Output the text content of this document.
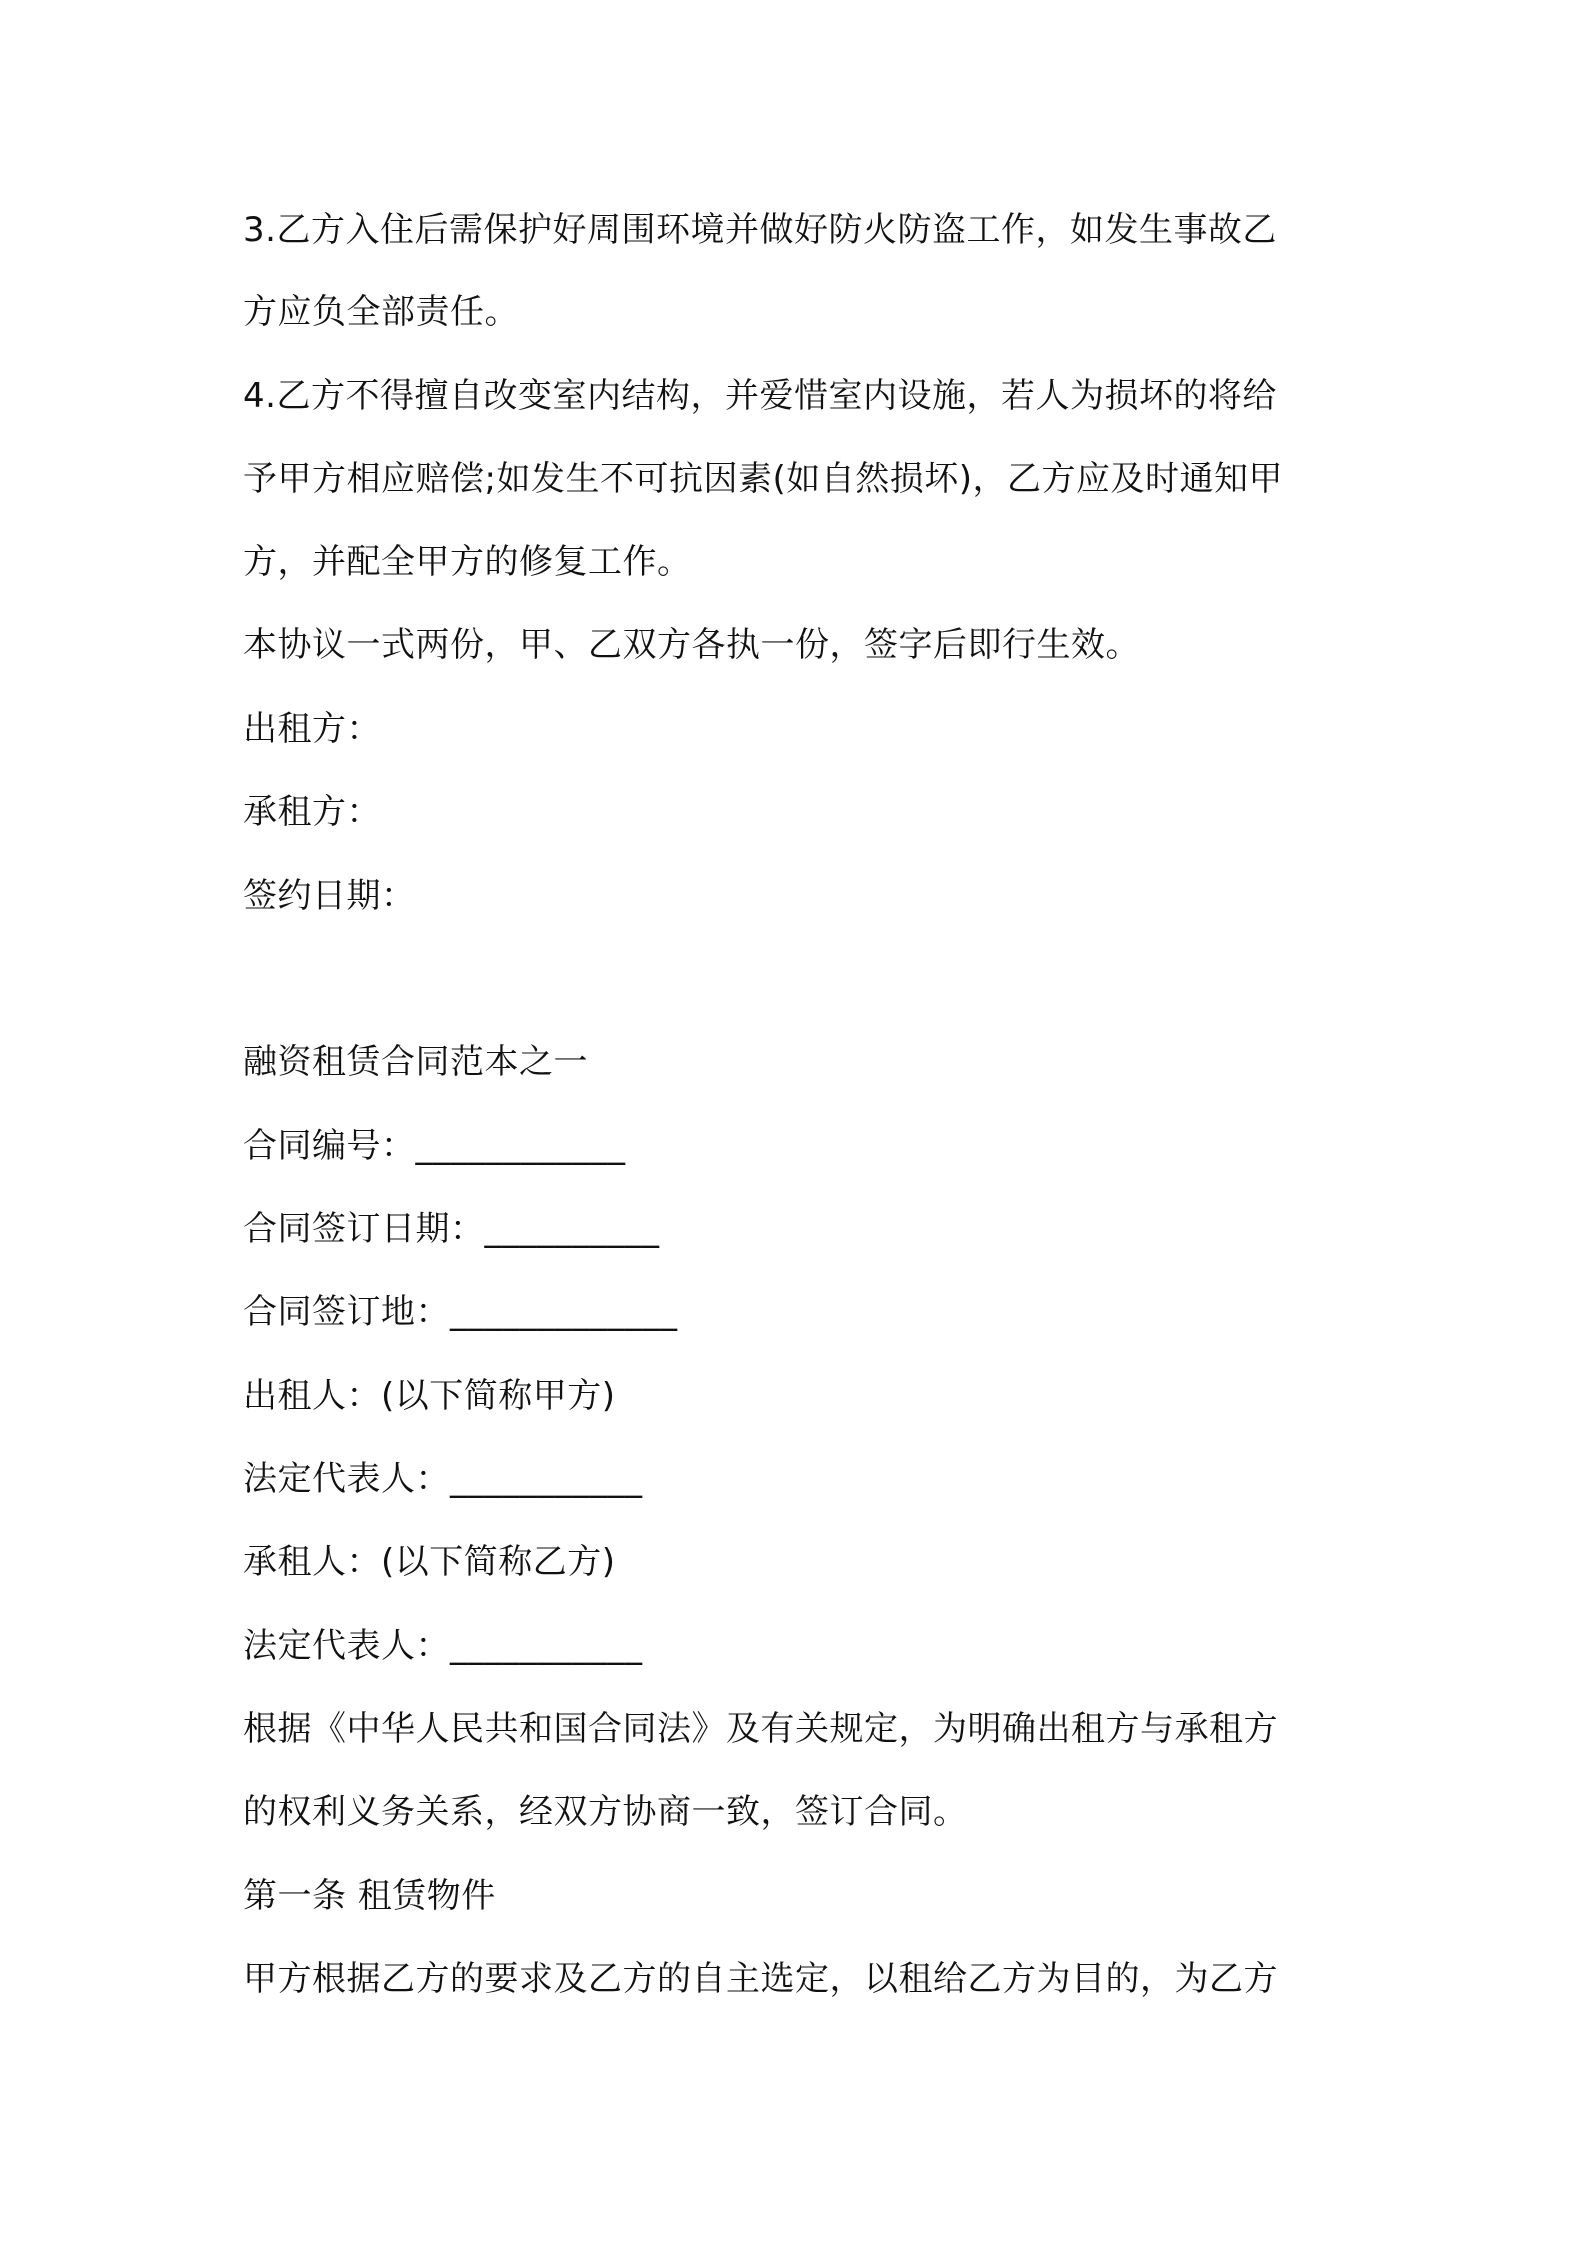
3.乙方入住后需保护好周围环境并做好防火防盗工作，如发生事故乙
方应负全部责任。
4.乙方不得擅自改变室内结构，并爱惜室内设施，若人为损坏的将给
予甲方相应赔偿;如发生不可抗因素(如自然损坏)，乙方应及时通知甲
方，并配全甲方的修复工作。
本协议一式两份，甲、乙双方各执一份，签字后即行生效。
出租方：
承租方：
签约日期：
融资租赁合同范本之一
合同编号：____________
合同签订日期：__________
合同签订地：_____________
出租人：(以下简称甲方)
法定代表人：___________
承租人：(以下简称乙方)
法定代表人：___________
根据《中华人民共和国合同法》及有关规定，为明确出租方与承租方
的权利义务关系，经双方协商一致，签订合同。
第一条 租赁物件
甲方根据乙方的要求及乙方的自主选定，以租给乙方为目的，为乙方
